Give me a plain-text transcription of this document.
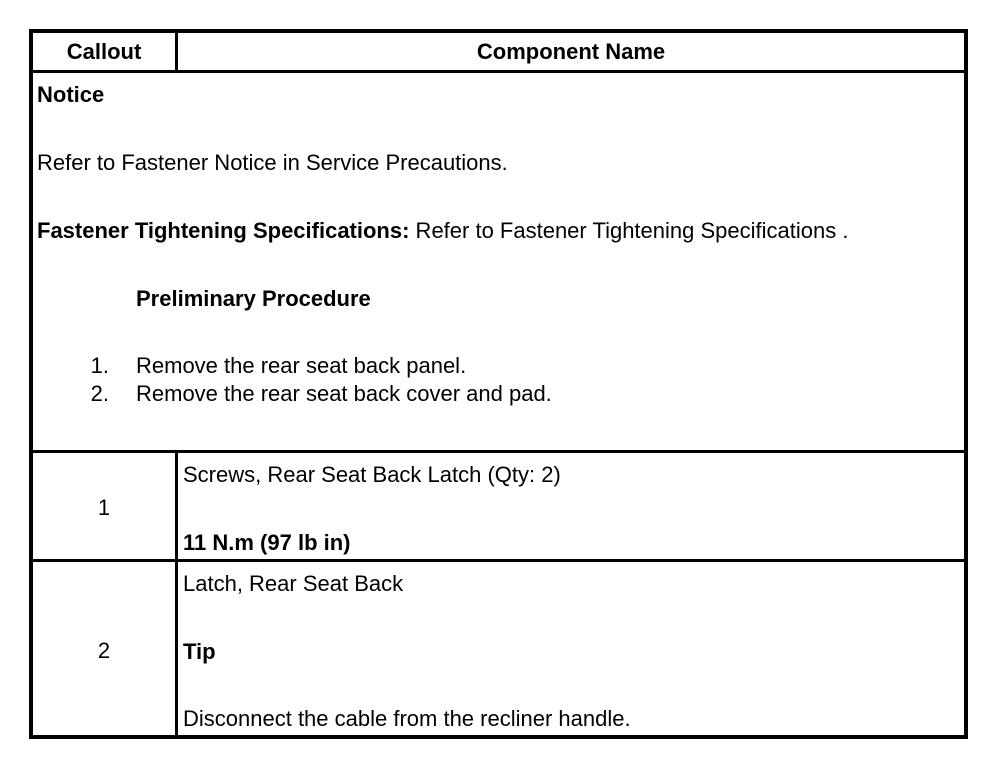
Callout	Component Name
Notice
Refer to Fastener Notice in Service Precautions.
Fastener Tightening Specifications: Refer to Fastener Tightening Specifications .
Preliminary Procedure
1. Remove the rear seat back panel.
2. Remove the rear seat back cover and pad.
1
Screws, Rear Seat Back Latch (Qty: 2)
11 N.m (97 lb in)
2
Latch, Rear Seat Back
Tip
Disconnect the cable from the recliner handle.
